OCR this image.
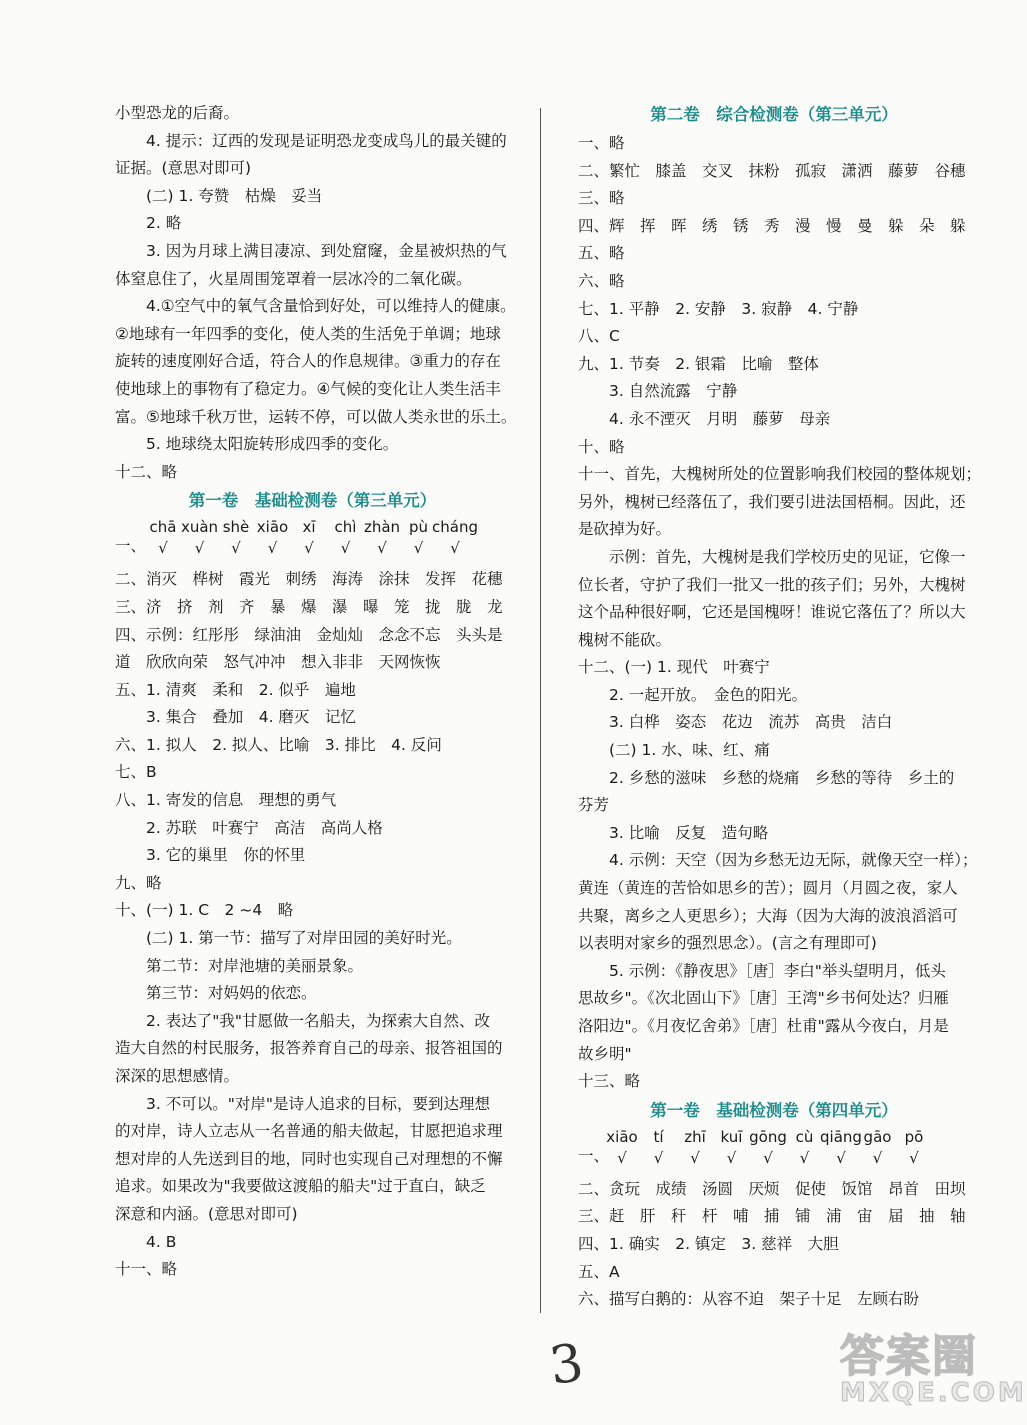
小型恐龙的后裔。
4. 提示：辽西的发现是证明恐龙变成鸟儿的最关键的
证据。(意思对即可)
(二) 1. 夸赞　枯燥　妥当
2. 略
3. 因为月球上满目凄凉、到处窟窿，金星被炽热的气
体窒息住了，火星周围笼罩着一层冰冷的二氧化碳。
4.①空气中的氧气含量恰到好处，可以维持人的健康。
②地球有一年四季的变化，使人类的生活免于单调；地球
旋转的速度刚好合适，符合人的作息规律。③重力的存在
使地球上的事物有了稳定力。④气候的变化让人类生活丰
富。⑤地球千秋万世，运转不停，可以做人类永世的乐土。
5. 地球绕太阳旋转形成四季的变化。
十二、略
第一卷　基础检测卷（第三单元）
一、
chā
√
xuàn
√
shè
√
xiāo
√
xī
√
chì
√
zhàn
√
pù
√
cháng
√
二、消灭　桦树　霞光　刺绣　海涛　涂抹　发挥　花穗
三、济　挤　剂　齐　暴　爆　瀑　曝　笼　拢　胧　龙
四、示例：红彤彤　绿油油　金灿灿　念念不忘　头头是
道　欣欣向荣　怒气冲冲　想入非非　天网恢恢
五、1. 清爽　柔和　2. 似乎　遍地
3. 集合　叠加　4. 磨灭　记忆
六、1. 拟人　2. 拟人、比喻　3. 排比　4. 反问
七、B
八、1. 寄发的信息　理想的勇气
2. 苏联　叶赛宁　高洁　高尚人格
3. 它的巢里　你的怀里
九、略
十、(一) 1. C　2 ~4　略
(二) 1. 第一节：描写了对岸田园的美好时光。
第二节：对岸池塘的美丽景象。
第三节：对妈妈的依恋。
2. 表达了"我"甘愿做一名船夫，为探索大自然、改
造大自然的村民服务，报答养育自己的母亲、报答祖国的
深深的思想感情。
3. 不可以。"对岸"是诗人追求的目标，要到达理想
的对岸，诗人立志从一名普通的船夫做起，甘愿把追求理
想对岸的人先送到目的地，同时也实现自己对理想的不懈
追求。如果改为"我要做这渡船的船夫"过于直白，缺乏
深意和内涵。(意思对即可)
4. B
十一、略
第二卷　综合检测卷（第三单元）
一、略
二、繁忙　膝盖　交叉　抹粉　孤寂　潇洒　藤萝　谷穗
三、略
四、辉　挥　晖　绣　锈　秀　漫　慢　曼　躲　朵　躲
五、略
六、略
七、1. 平静　2. 安静　3. 寂静　4. 宁静
八、C
九、1. 节奏　2. 银霜　比喻　整体
3. 自然流露　宁静
4. 永不湮灭　月明　藤萝　母亲
十、略
十一、首先，大槐树所处的位置影响我们校园的整体规划；
另外，槐树已经落伍了，我们要引进法国梧桐。因此，还
是砍掉为好。
示例：首先，大槐树是我们学校历史的见证，它像一
位长者，守护了我们一批又一批的孩子们；另外，大槐树
这个品种很好啊，它还是国槐呀！谁说它落伍了？所以大
槐树不能砍。
十二、(一) 1. 现代　叶赛宁
2. 一起开放。　金色的阳光。
3. 白桦　姿态　花边　流苏　高贵　洁白
(二) 1. 水、味、红、痛
2. 乡愁的滋味　乡愁的烧痛　乡愁的等待　乡土的
芬芳
3. 比喻　反复　造句略
4. 示例：天空（因为乡愁无边无际，就像天空一样）；
黄连（黄连的苦恰如思乡的苦）；圆月（月圆之夜，家人
共聚，离乡之人更思乡）；大海（因为大海的波浪滔滔可
以表明对家乡的强烈思念）。(言之有理即可)
5. 示例：《静夜思》［唐］李白"举头望明月，低头
思故乡"。《次北固山下》［唐］王湾"乡书何处达？归雁
洛阳边"。《月夜忆舍弟》［唐］杜甫"露从今夜白，月是
故乡明"
十三、略
第一卷　基础检测卷（第四单元）
一、
xiāo
√
tí
√
zhī
√
kuī
√
gōng
√
cù
√
qiāng
√
gāo
√
pō
√
二、贪玩　成绩　汤圆　厌烦　促使　饭馆　昂首　田坝
三、赶　肝　秆　杆　哺　捕　铺　浦　宙　届　抽　轴
四、1. 确实　2. 镇定　3. 慈祥　大胆
五、A
六、描写白鹅的：从容不迫　架子十足　左顾右盼
3	答案圈
MXQE.COM
